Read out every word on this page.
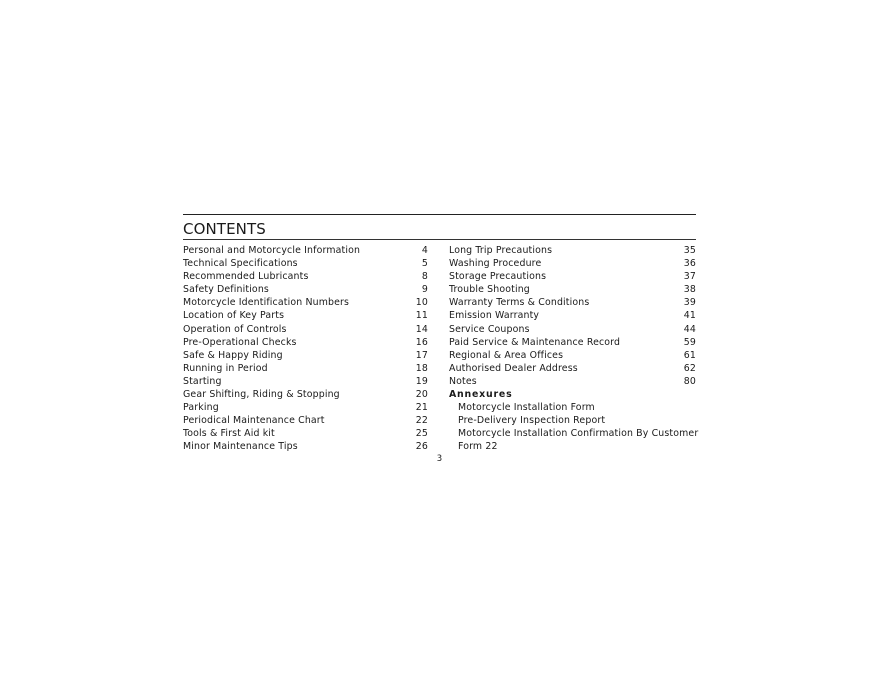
CONTENTS
Personal and Motorcycle Information	4
Technical Specifications	5
Recommended Lubricants	8
Safety Definitions	9
Motorcycle Identification Numbers	10
Location of Key Parts	11
Operation of Controls	14
Pre-Operational Checks	16
Safe & Happy Riding	17
Running in Period	18
Starting	19
Gear Shifting, Riding & Stopping	20
Parking	21
Periodical Maintenance Chart	22
Tools & First Aid kit	25
Minor Maintenance Tips	26
Long Trip Precautions	35
Washing Procedure	36
Storage Precautions	37
Trouble Shooting	38
Warranty Terms & Conditions	39
Emission Warranty	41
Service Coupons	44
Paid Service & Maintenance Record	59
Regional & Area Offices	61
Authorised Dealer Address	62
Notes	80
Annexures
Motorcycle Installation Form
Pre-Delivery Inspection Report
Motorcycle Installation Confirmation By Customer
Form 22
3
